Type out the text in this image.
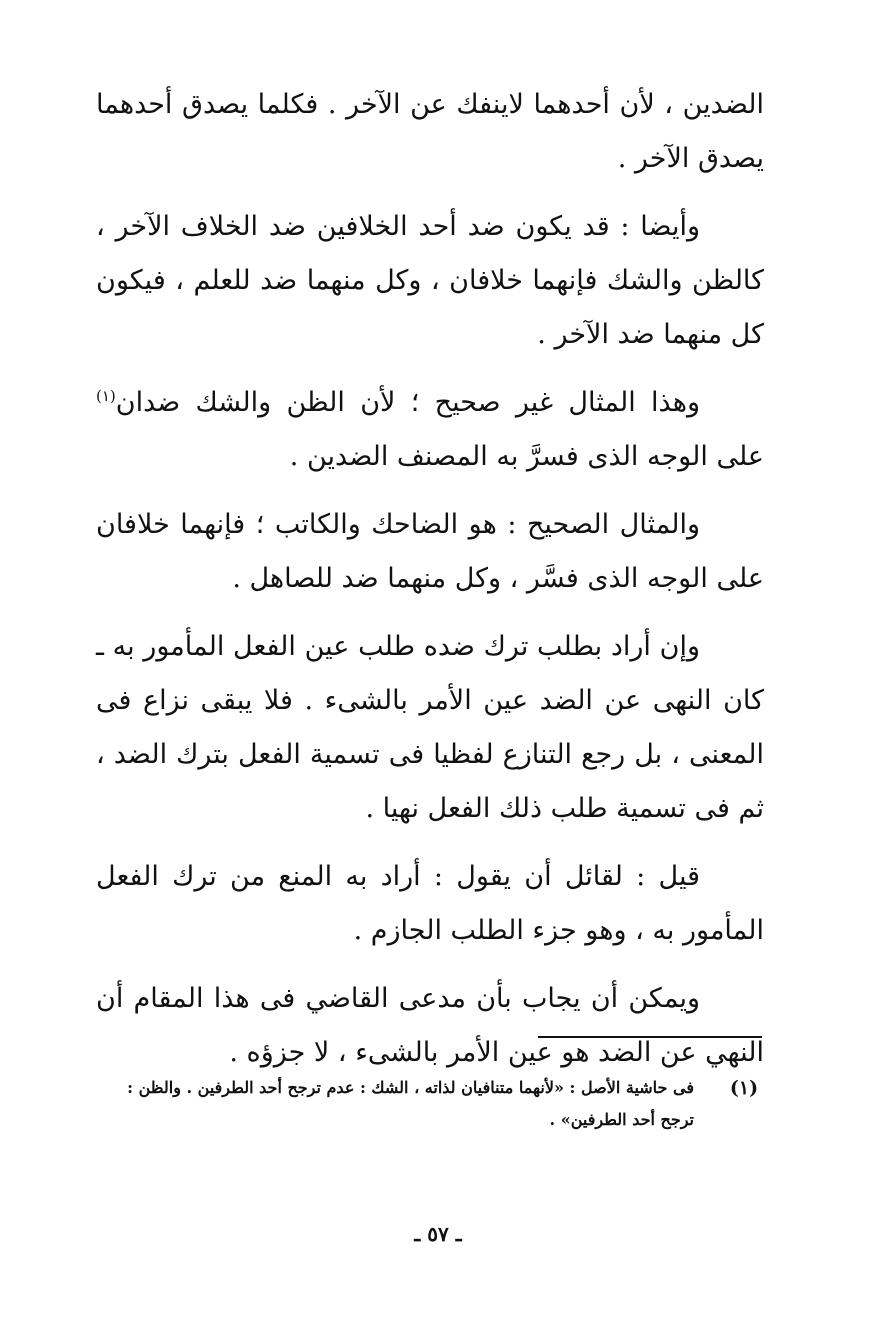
الضدين ، لأن أحدهما لاينفك عن الآخر . فكلما يصدق أحدهما يصدق الآخر .

وأيضا : قد يكون ضد أحد الخلافين ضد الخلاف الآخر ، كالظن والشك فإنهما خلافان ، وكل منهما ضد للعلم ، فيكون كل منهما ضد الآخر .

وهذا المثال غير صحيح ؛ لأن الظن والشك ضدان$^{(١)}$ على الوجه الذى فسرَّ به المصنف الضدين .

والمثال الصحيح : هو الضاحك والكاتب ؛ فإنهما خلافان على الوجه الذى فسَّر ، وكل منهما ضد للصاهل .

وإن أراد بطلب ترك ضده طلب عين الفعل المأمور به ـ كان النهى عن الضد عين الأمر بالشىء . فلا يبقى نزاع فى المعنى ، بل رجع التنازع لفظيا فى تسمية الفعل بترك الضد ، ثم فى تسمية طلب ذلك الفعل نهيا .

قيل : لقائل أن يقول : أراد به المنع من ترك الفعل المأمور به ، وهو جزء الطلب الجازم .

ويمكن أن يجاب بأن مدعى القاضي فى هذا المقام أن النهي عن الضد هو عين الأمر بالشىء ، لا جزؤه .

(١)
فى حاشية الأصل : «لأنهما متنافيان لذاته ، الشك : عدم ترجح أحد الطرفين . والظن : ترجح أحد الطرفين» .
ـ ٥٧ ـ
